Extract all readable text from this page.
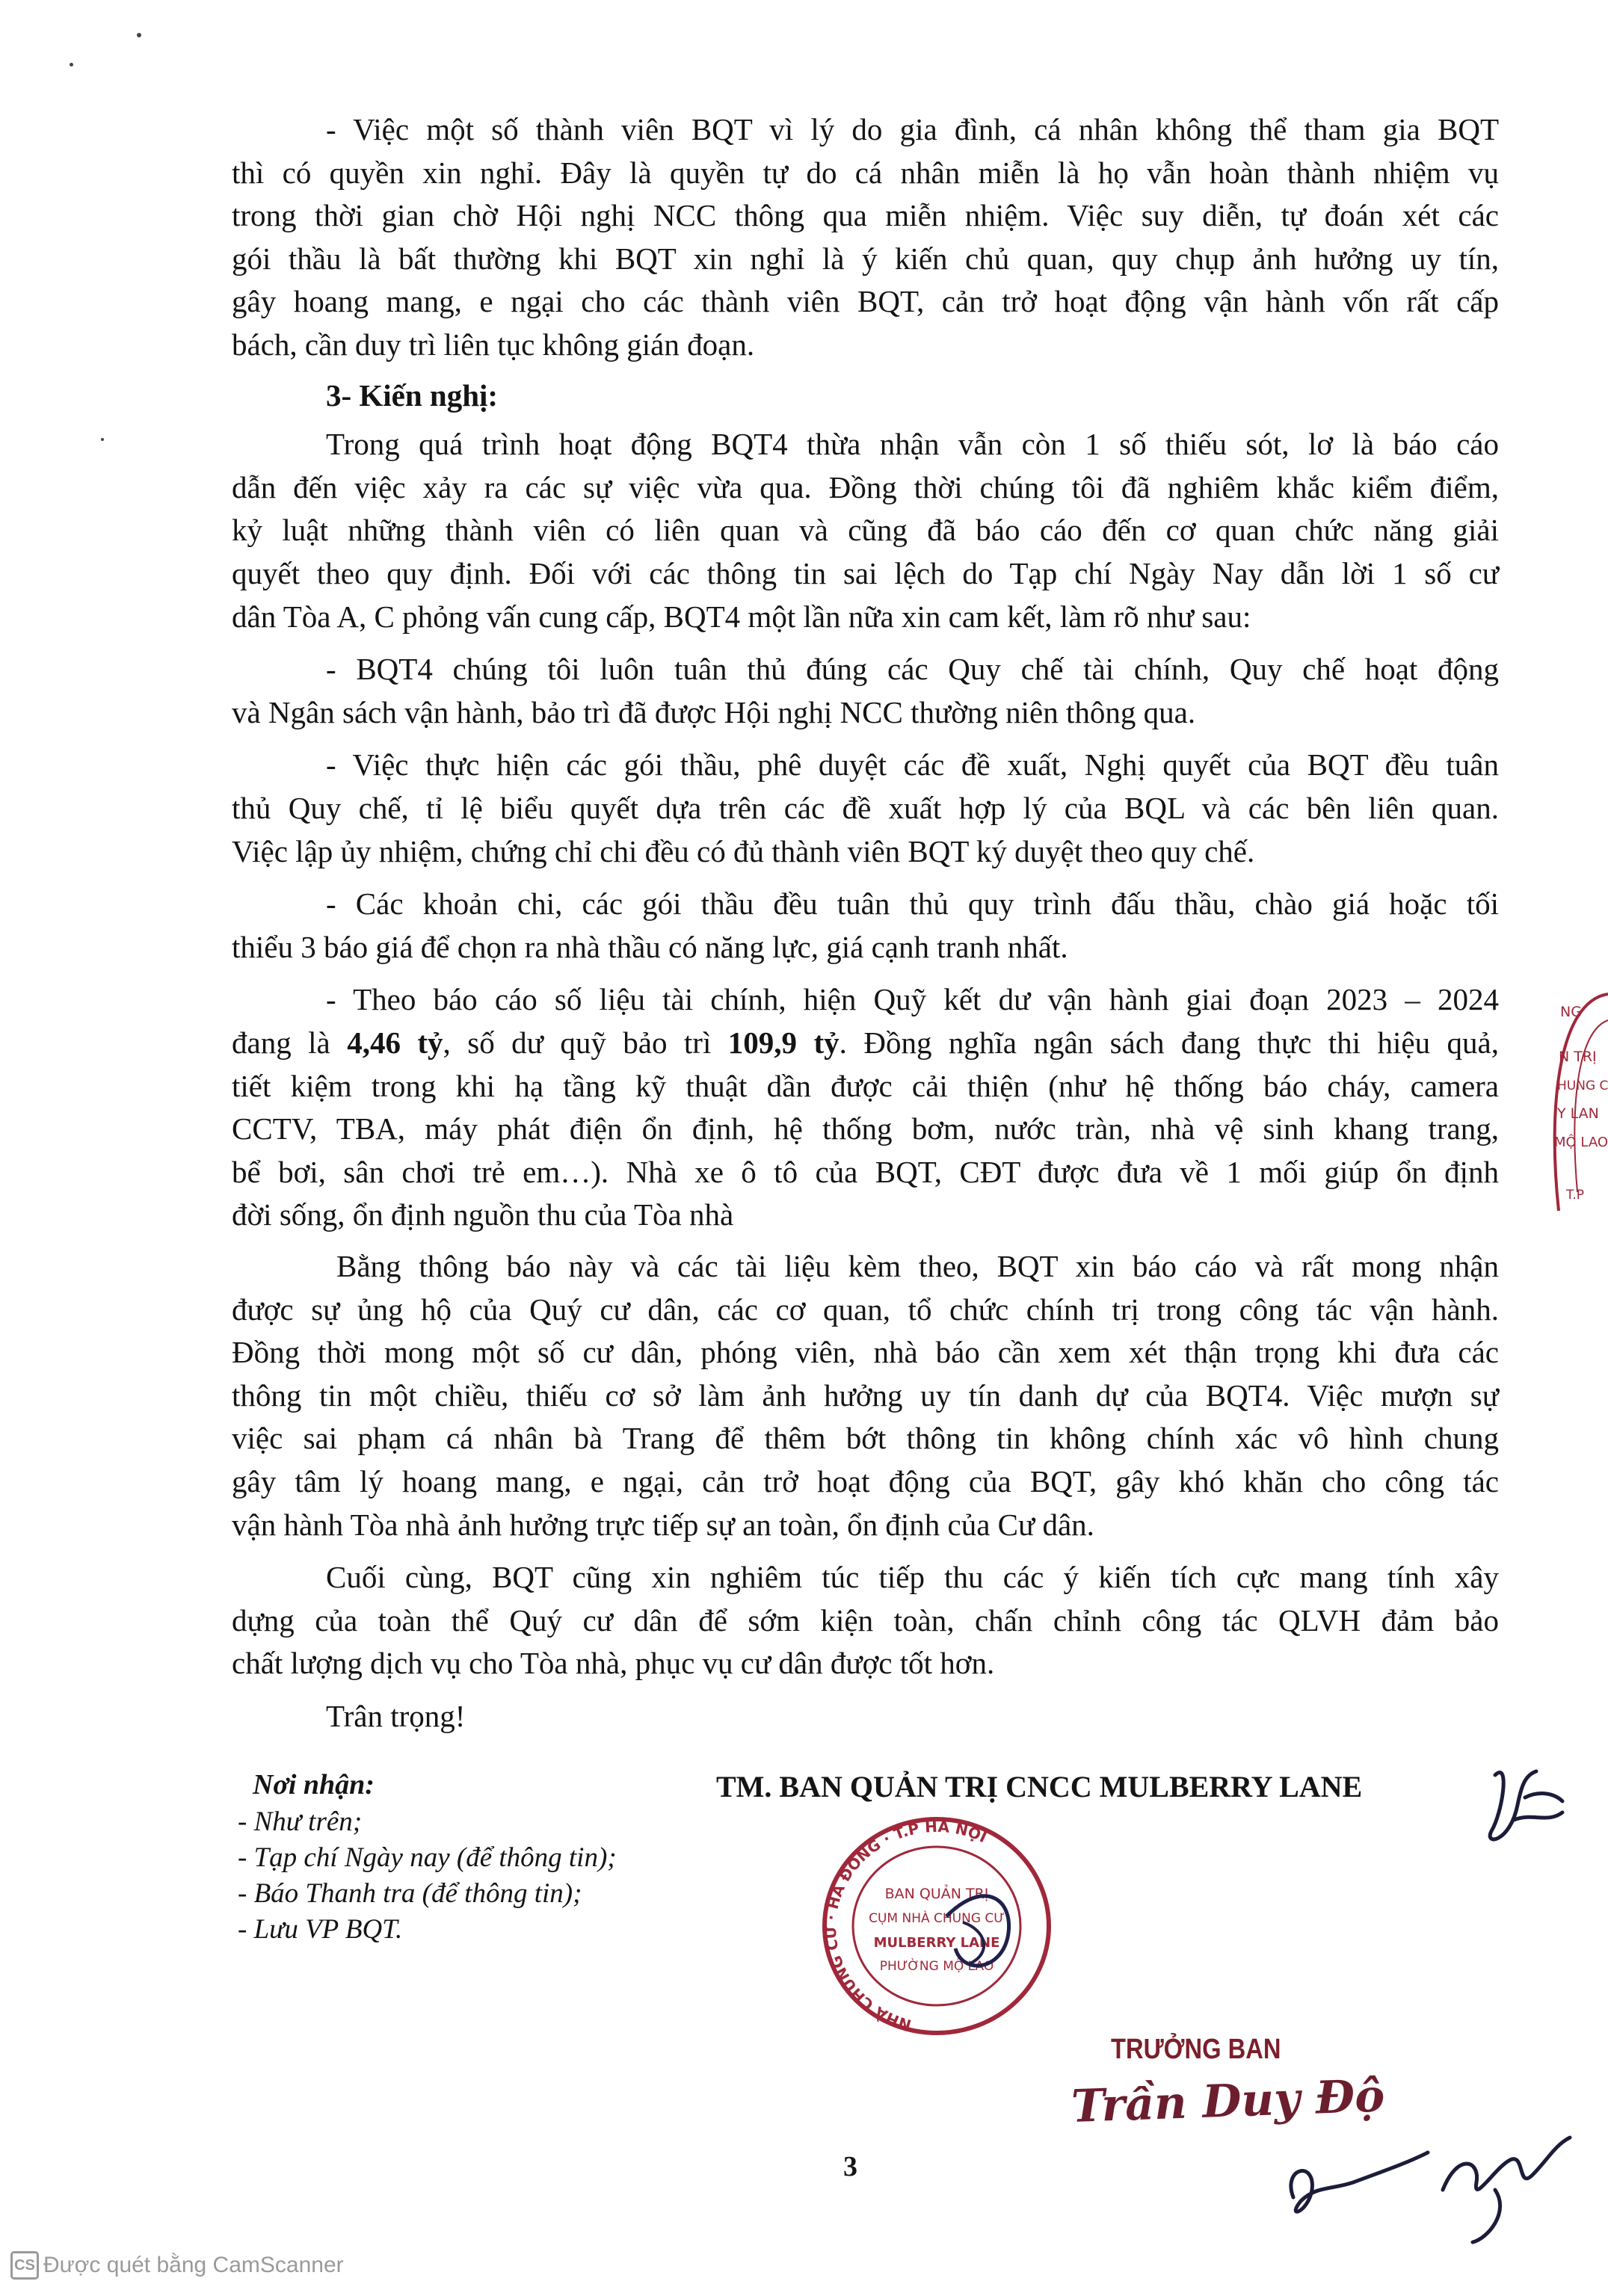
- Việc một số thành viên BQT vì lý do gia đình, cá nhân không thể tham gia BQT
thì có quyền xin nghỉ. Đây là quyền tự do cá nhân miễn là họ vẫn hoàn thành nhiệm vụ
trong thời gian chờ Hội nghị NCC thông qua miễn nhiệm. Việc suy diễn, tự đoán xét các
gói thầu là bất thường khi BQT xin nghỉ là ý kiến chủ quan, quy chụp ảnh hưởng uy tín,
gây hoang mang, e ngại cho các thành viên BQT, cản trở hoạt động vận hành vốn rất cấp
bách, cần duy trì liên tục không gián đoạn.
3- Kiến nghị:
Trong quá trình hoạt động BQT4 thừa nhận vẫn còn 1 số thiếu sót, lơ là báo cáo
dẫn đến việc xảy ra các sự việc vừa qua. Đồng thời chúng tôi đã nghiêm khắc kiểm điểm,
kỷ luật những thành viên có liên quan và cũng đã báo cáo đến cơ quan chức năng giải
quyết theo quy định. Đối với các thông tin sai lệch do Tạp chí Ngày Nay dẫn lời 1 số cư
dân Tòa A, C phỏng vấn cung cấp, BQT4 một lần nữa xin cam kết, làm rõ như sau:
- BQT4 chúng tôi luôn tuân thủ đúng các Quy chế tài chính, Quy chế hoạt động
và Ngân sách vận hành, bảo trì đã được Hội nghị NCC thường niên thông qua.
- Việc thực hiện các gói thầu, phê duyệt các đề xuất, Nghị quyết của BQT đều tuân
thủ Quy chế, tỉ lệ biểu quyết dựa trên các đề xuất hợp lý của BQL và các bên liên quan.
Việc lập ủy nhiệm, chứng chỉ chi đều có đủ thành viên BQT ký duyệt theo quy chế.
- Các khoản chi, các gói thầu đều tuân thủ quy trình đấu thầu, chào giá hoặc tối
thiểu 3 báo giá để chọn ra nhà thầu có năng lực, giá cạnh tranh nhất.
- Theo báo cáo số liệu tài chính, hiện Quỹ kết dư vận hành giai đoạn 2023 – 2024
đang là 4,46 tỷ, số dư quỹ bảo trì 109,9 tỷ. Đồng nghĩa ngân sách đang thực thi hiệu quả,
tiết kiệm trong khi hạ tầng kỹ thuật dần được cải thiện (như hệ thống báo cháy, camera
CCTV, TBA, máy phát điện ổn định, hệ thống bơm, nước tràn, nhà vệ sinh khang trang,
bể bơi, sân chơi trẻ em…). Nhà xe ô tô của BQT, CĐT được đưa về 1 mối giúp ổn định
đời sống, ổn định nguồn thu của Tòa nhà
Bằng thông báo này và các tài liệu kèm theo, BQT xin báo cáo và rất mong nhận
được sự ủng hộ của Quý cư dân, các cơ quan, tổ chức chính trị trong công tác vận hành.
Đồng thời mong một số cư dân, phóng viên, nhà báo cần xem xét thận trọng khi đưa các
thông tin một chiều, thiếu cơ sở làm ảnh hưởng uy tín danh dự của BQT4. Việc mượn sự
việc sai phạm cá nhân bà Trang để thêm bớt thông tin không chính xác vô hình chung
gây tâm lý hoang mang, e ngại, cản trở hoạt động của BQT, gây khó khăn cho công tác
vận hành Tòa nhà ảnh hưởng trực tiếp sự an toàn, ổn định của Cư dân.
Cuối cùng, BQT cũng xin nghiêm túc tiếp thu các ý kiến tích cực mang tính xây
dựng của toàn thể Quý cư dân để sớm kiện toàn, chấn chỉnh công tác QLVH đảm bảo
chất lượng dịch vụ cho Tòa nhà, phục vụ cư dân được tốt hơn.
Trân trọng!
Nơi nhận:
- Như trên;
- Tạp chí Ngày nay (để thông tin);
- Báo Thanh tra (để thông tin);
- Lưu VP BQT.
TM. BAN QUẢN TRỊ CNCC MULBERRY LANE
NHÀ CHUNG CƯ · HÀ ĐÔNG · T.P HÀ NỘI
BAN QUẢN TRỊ
CỤM NHÀ CHUNG CƯ
MULBERRY LANE
PHƯỜNG MỘ LAO
TRƯỞNG BAN
Trần Duy Độ
NG
N TRỊ
HUNG C
Y LAN
MỘ LAO
T.P
3
CS Được quét bằng CamScanner
